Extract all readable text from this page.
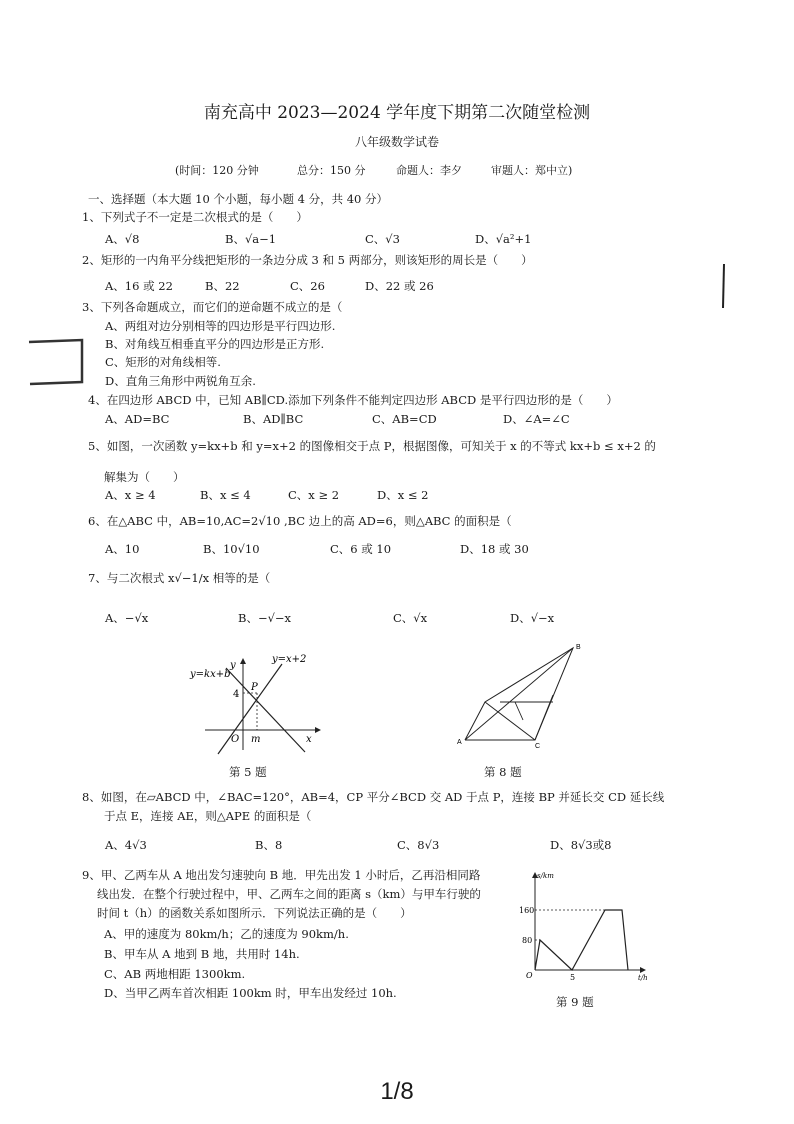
南充高中 2023—2024 学年度下期第二次随堂检测
八年级数学试卷
(时间：120 分钟	总分：150 分	命题人：李夕	审题人：郑中立)
一、选择题（本大题 10 个小题，每小题 4 分，共 40 分）
1、下列式子不一定是二次根式的是（　　）
A、√8	B、√a−1	C、√3	D、√a²+1
2、矩形的一内角平分线把矩形的一条边分成 3 和 5 两部分，则该矩形的周长是（　　）
A、16 或 22	B、22	C、26	D、22 或 26
3、下列各命题成立，而它们的逆命题不成立的是（
A、两组对边分别相等的四边形是平行四边形.
B、对角线互相垂直平分的四边形是正方形.
C、矩形的对角线相等.
D、直角三角形中两锐角互余.
4、在四边形 ABCD 中，已知 AB∥CD.添加下列条件不能判定四边形 ABCD 是平行四边形的是（　　）
A、AD=BC	B、AD∥BC	C、AB=CD	D、∠A=∠C
5、如图，一次函数 y=kx+b 和 y=x+2 的图像相交于点 P，根据图像，可知关于 x 的不等式 kx+b ≤ x+2 的
解集为（　　）
A、x ≥ 4	B、x ≤ 4	C、x ≥ 2	D、x ≤ 2
6、在△ABC 中，AB=10,AC=2√10 ,BC 边上的高 AD=6，则△ABC 的面积是（
A、10	B、10√10	C、6 或 10	D、18 或 30
7、与二次根式 x√−1/x 相等的是（
A、−√x	B、−√−x	C、√x	D、√−x
y=kx+b
y=x+2
y
x
O m
4
P
第 5 题
A
B
C
第 8 题
8、如图，在▱ABCD 中，∠BAC=120°，AB=4，CP 平分∠BCD 交 AD 于点 P，连接 BP 并延长交 CD 延长线
于点 E，连接 AE，则△APE 的面积是（
A、4√3	B、8	C、8√3	D、8√3或8
9、甲、乙两车从 A 地出发匀速驶向 B 地．甲先出发 1 小时后，乙再沿相同路
线出发．在整个行驶过程中，甲、乙两车之间的距离 s（km）与甲车行驶的
时间 t（h）的函数关系如图所示．下列说法正确的是（　　）
A、甲的速度为 80km/h；乙的速度为 90km/h.
B、甲车从 A 地到 B 地，共用时 14h.
C、AB 两地相距 1300km.
D、当甲乙两车首次相距 100km 时，甲车出发经过 10h.
s/km
t/h
160
80
O	5
第 9 题
1/8
